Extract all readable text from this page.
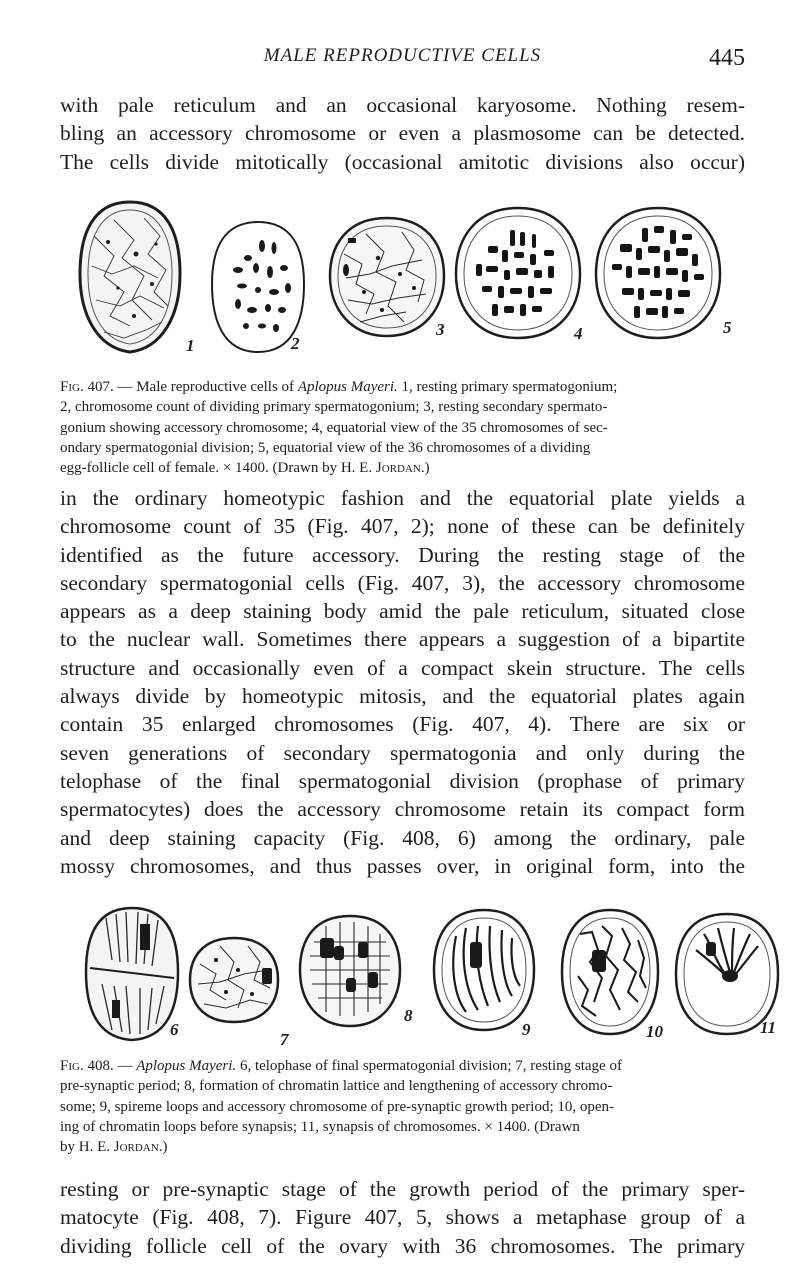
MALE REPRODUCTIVE CELLS	445
with pale reticulum and an occasional karyosome. Nothing resem-
bling an accessory chromosome or even a plasmosome can be detected.
The cells divide mitotically (occasional amitotic divisions also occur)
1	2
3	4	5
Fig. 407. — Male reproductive cells of Aplopus Mayeri. 1, resting primary spermatogonium;
2, chromosome count of dividing primary spermatogonium; 3, resting secondary spermato-
gonium showing accessory chromosome; 4, equatorial view of the 35 chromosomes of sec-
ondary spermatogonial division; 5, equatorial view of the 36 chromosomes of a dividing
egg-follicle cell of female. × 1400. (Drawn by H. E. Jordan.)
in the ordinary homeotypic fashion and the equatorial plate yields a
chromosome count of 35 (Fig. 407, 2); none of these can be definitely
identified as the future accessory. During the resting stage of the
secondary spermatogonial cells (Fig. 407, 3), the accessory chromosome
appears as a deep staining body amid the pale reticulum, situated close
to the nuclear wall. Sometimes there appears a suggestion of a bipartite
structure and occasionally even of a compact skein structure. The cells
always divide by homeotypic mitosis, and the equatorial plates again
contain 35 enlarged chromosomes (Fig. 407, 4). There are six or
seven generations of secondary spermatogonia and only during the
telophase of the final spermatogonial division (prophase of primary
spermatocytes) does the accessory chromosome retain its compact form
and deep staining capacity (Fig. 408, 6) among the ordinary, pale
mossy chromosomes, and thus passes over, in original form, into the
6
7
8
9	10	11
Fig. 408. — Aplopus Mayeri. 6, telophase of final spermatogonial division; 7, resting stage of
pre-synaptic period; 8, formation of chromatin lattice and lengthening of accessory chromo-
some; 9, spireme loops and accessory chromosome of pre-synaptic growth period; 10, open-
ing of chromatin loops before synapsis; 11, synapsis of chromosomes. × 1400. (Drawn
by H. E. Jordan.)
resting or pre-synaptic stage of the growth period of the primary sper-
matocyte (Fig. 408, 7). Figure 407, 5, shows a metaphase group of a
dividing follicle cell of the ovary with 36 chromosomes. The primary
